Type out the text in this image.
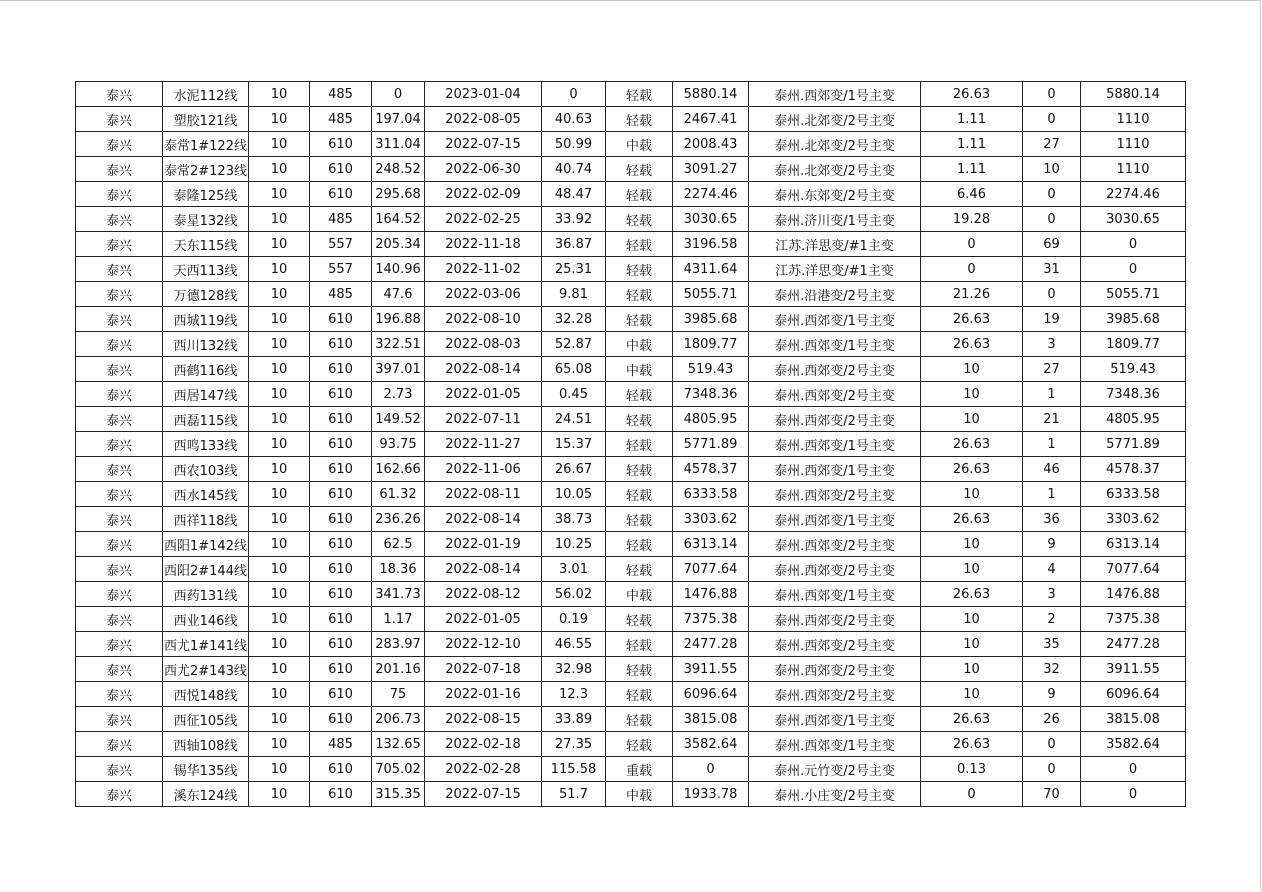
泰兴	水泥112线	10	485	0	2023-01-04	0	轻载	5880.14	泰州.西郊变/1号主变	26.63	0	5880.14
泰兴	塑胶121线	10	485	197.04	2022-08-05	40.63	轻载	2467.41	泰州.北郊变/2号主变	1.11	0	1110
泰兴	泰常1#122线	10	610	311.04	2022-07-15	50.99	中载	2008.43	泰州.北郊变/2号主变	1.11	27	1110
泰兴	泰常2#123线	10	610	248.52	2022-06-30	40.74	轻载	3091.27	泰州.北郊变/2号主变	1.11	10	1110
泰兴	泰隆125线	10	610	295.68	2022-02-09	48.47	轻载	2274.46	泰州.东郊变/2号主变	6.46	0	2274.46
泰兴	泰星132线	10	485	164.52	2022-02-25	33.92	轻载	3030.65	泰州.济川变/1号主变	19.28	0	3030.65
泰兴	天东115线	10	557	205.34	2022-11-18	36.87	轻载	3196.58	江苏.洋思变/#1主变	0	69	0
泰兴	天西113线	10	557	140.96	2022-11-02	25.31	轻载	4311.64	江苏.洋思变/#1主变	0	31	0
泰兴	万德128线	10	485	47.6	2022-03-06	9.81	轻载	5055.71	泰州.沿港变/2号主变	21.26	0	5055.71
泰兴	西城119线	10	610	196.88	2022-08-10	32.28	轻载	3985.68	泰州.西郊变/1号主变	26.63	19	3985.68
泰兴	西川132线	10	610	322.51	2022-08-03	52.87	中载	1809.77	泰州.西郊变/1号主变	26.63	3	1809.77
泰兴	西鹤116线	10	610	397.01	2022-08-14	65.08	中载	519.43	泰州.西郊变/2号主变	10	27	519.43
泰兴	西居147线	10	610	2.73	2022-01-05	0.45	轻载	7348.36	泰州.西郊变/2号主变	10	1	7348.36
泰兴	西磊115线	10	610	149.52	2022-07-11	24.51	轻载	4805.95	泰州.西郊变/2号主变	10	21	4805.95
泰兴	西鸣133线	10	610	93.75	2022-11-27	15.37	轻载	5771.89	泰州.西郊变/1号主变	26.63	1	5771.89
泰兴	西农103线	10	610	162.66	2022-11-06	26.67	轻载	4578.37	泰州.西郊变/1号主变	26.63	46	4578.37
泰兴	西水145线	10	610	61.32	2022-08-11	10.05	轻载	6333.58	泰州.西郊变/2号主变	10	1	6333.58
泰兴	西祥118线	10	610	236.26	2022-08-14	38.73	轻载	3303.62	泰州.西郊变/1号主变	26.63	36	3303.62
泰兴	西阳1#142线	10	610	62.5	2022-01-19	10.25	轻载	6313.14	泰州.西郊变/2号主变	10	9	6313.14
泰兴	西阳2#144线	10	610	18.36	2022-08-14	3.01	轻载	7077.64	泰州.西郊变/2号主变	10	4	7077.64
泰兴	西药131线	10	610	341.73	2022-08-12	56.02	中载	1476.88	泰州.西郊变/1号主变	26.63	3	1476.88
泰兴	西业146线	10	610	1.17	2022-01-05	0.19	轻载	7375.38	泰州.西郊变/2号主变	10	2	7375.38
泰兴	西尤1#141线	10	610	283.97	2022-12-10	46.55	轻载	2477.28	泰州.西郊变/2号主变	10	35	2477.28
泰兴	西尤2#143线	10	610	201.16	2022-07-18	32.98	轻载	3911.55	泰州.西郊变/2号主变	10	32	3911.55
泰兴	西悦148线	10	610	75	2022-01-16	12.3	轻载	6096.64	泰州.西郊变/2号主变	10	9	6096.64
泰兴	西征105线	10	610	206.73	2022-08-15	33.89	轻载	3815.08	泰州.西郊变/1号主变	26.63	26	3815.08
泰兴	西轴108线	10	485	132.65	2022-02-18	27.35	轻载	3582.64	泰州.西郊变/1号主变	26.63	0	3582.64
泰兴	锡华135线	10	610	705.02	2022-02-28	115.58	重载	0	泰州.元竹变/2号主变	0.13	0	0
泰兴	溪东124线	10	610	315.35	2022-07-15	51.7	中载	1933.78	泰州.小庄变/2号主变	0	70	0
